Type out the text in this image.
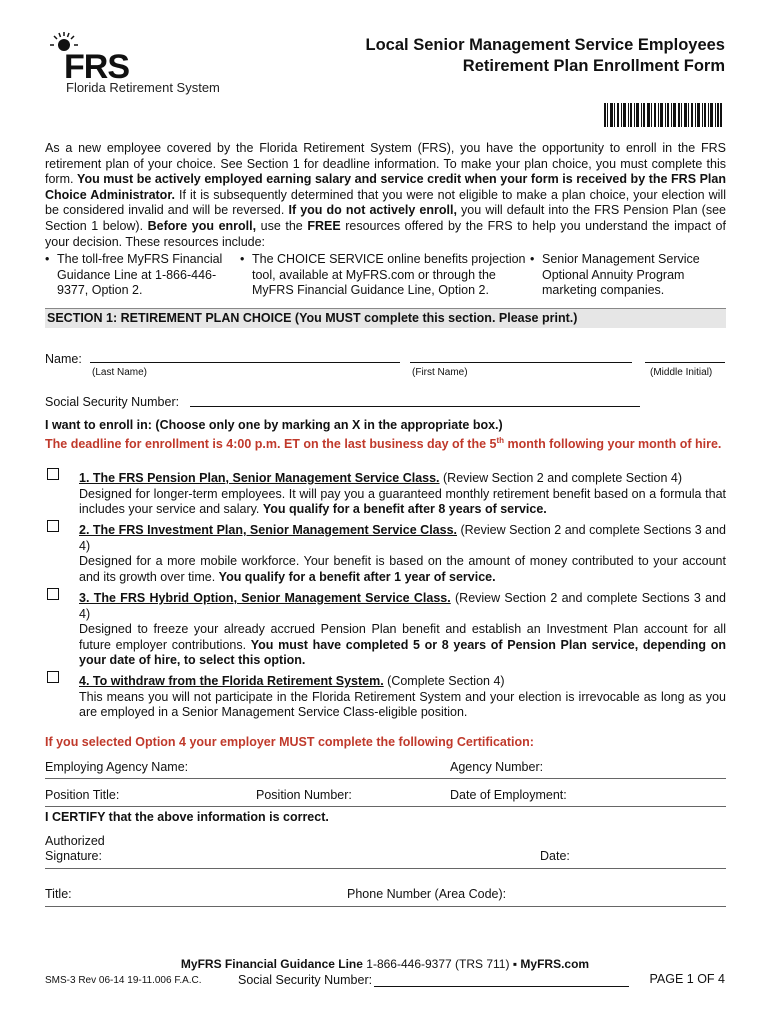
FRS
Florida Retirement System
Local Senior Management Service Employees
Retirement Plan Enrollment Form
As a new employee covered by the Florida Retirement System (FRS), you have the opportunity to enroll in the FRS retirement plan of your choice. See Section 1 for deadline information. To make your plan choice, you must complete this form. You must be actively employed earning salary and service credit when your form is received by the FRS Plan Choice Administrator. If it is subsequently determined that you were not eligible to make a plan choice, your election will be considered invalid and will be reversed. If you do not actively enroll, you will default into the FRS Pension Plan (see Section 1 below). Before you enroll, use the FREE resources offered by the FRS to help you understand the impact of your decision. These resources include:
• The toll-free MyFRS Financial Guidance Line at 1-866-446-9377, Option 2.
• The CHOICE SERVICE online benefits projection tool, available at MyFRS.com or through the MyFRS Financial Guidance Line, Option 2.
• Senior Management Service Optional Annuity Program marketing companies.
SECTION 1: RETIREMENT PLAN CHOICE (You MUST complete this section. Please print.)
Name:
(Last Name)	(First Name)	(Middle Initial)
Social Security Number:
I want to enroll in: (Choose only one by marking an X in the appropriate box.)
The deadline for enrollment is 4:00 p.m. ET on the last business day of the 5th month following your month of hire.
1. The FRS Pension Plan, Senior Management Service Class. (Review Section 2 and complete Section 4)
Designed for longer-term employees. It will pay you a guaranteed monthly retirement benefit based on a formula that includes your service and salary. You qualify for a benefit after 8 years of service.
2. The FRS Investment Plan, Senior Management Service Class. (Review Section 2 and complete Sections 3 and 4)
Designed for a more mobile workforce. Your benefit is based on the amount of money contributed to your account and its growth over time. You qualify for a benefit after 1 year of service.
3. The FRS Hybrid Option, Senior Management Service Class. (Review Section 2 and complete Sections 3 and 4)
Designed to freeze your already accrued Pension Plan benefit and establish an Investment Plan account for all future employer contributions. You must have completed 5 or 8 years of Pension Plan service, depending on your date of hire, to select this option.
4. To withdraw from the Florida Retirement System. (Complete Section 4)
This means you will not participate in the Florida Retirement System and your election is irrevocable as long as you are employed in a Senior Management Service Class-eligible position.
If you selected Option 4 your employer MUST complete the following Certification:
Employing Agency Name:	Agency Number:
Position Title:	Position Number:	Date of Employment:
I CERTIFY that the above information is correct.
Authorized
Signature:	Date:
Title:	Phone Number (Area Code):
MyFRS Financial Guidance Line 1-866-446-9377 (TRS 711) ▪ MyFRS.com
SMS-3 Rev 06-14 19-11.006 F.A.C.	Social Security Number:	PAGE 1 OF 4
